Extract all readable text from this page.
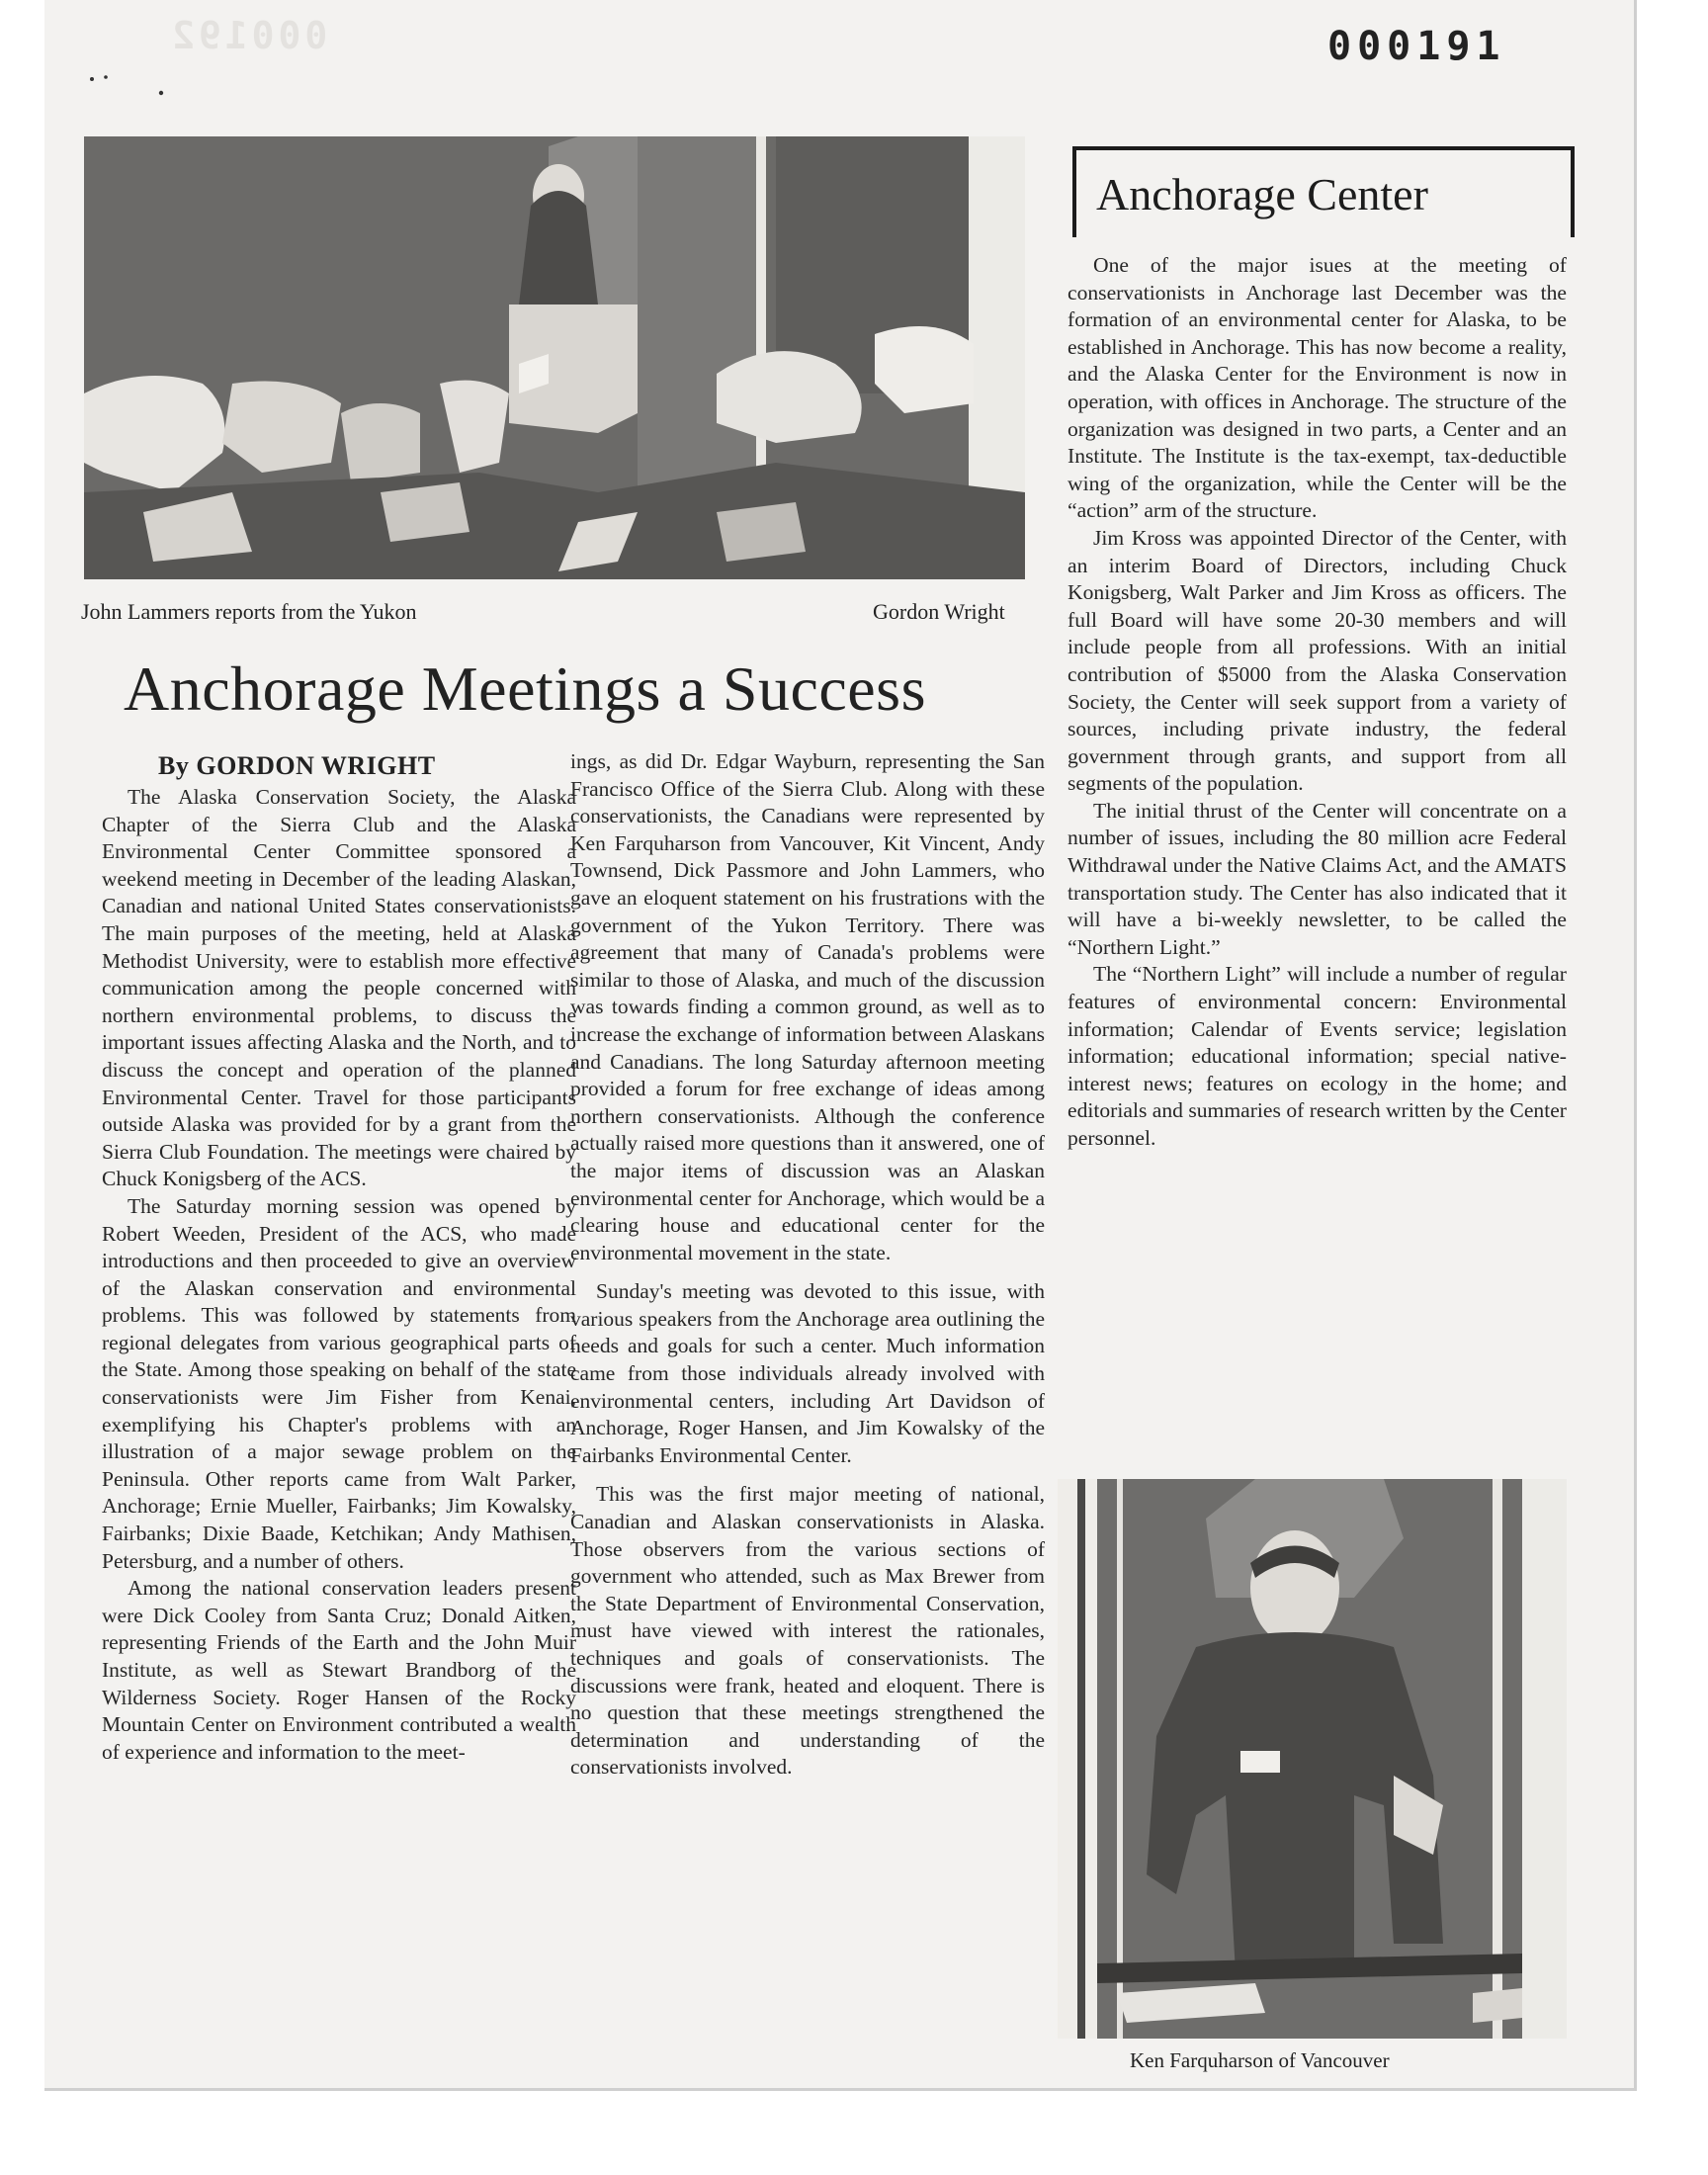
000192	000191
John Lammers reports from the Yukon	Gordon Wright
Anchorage Meetings a Success
By GORDON WRIGHT

The Alaska Conservation Society, the Alaska Chapter of the Sierra Club and the Alaska Environmental Center Committee sponsored a weekend meeting in December of the leading Alaskan, Canadian and national United States conservationists. The main purposes of the meeting, held at Alaska Methodist University, were to establish more effective communication among the people concerned with northern environmental problems, to discuss the important issues affecting Alaska and the North, and to discuss the concept and operation of the planned Environmental Center. Travel for those participants outside Alaska was provided for by a grant from the Sierra Club Foundation. The meetings were chaired by Chuck Konigsberg of the ACS.

The Saturday morning session was opened by Robert Weeden, President of the ACS, who made introductions and then proceeded to give an overview of the Alaskan conservation and environmental problems. This was followed by statements from regional delegates from various geographical parts of the State. Among those speaking on behalf of the state conservationists were Jim Fisher from Kenai, exemplifying his Chapter's problems with an illustration of a major sewage problem on the Peninsula. Other reports came from Walt Parker, Anchorage; Ernie Mueller, Fairbanks; Jim Kowalsky, Fairbanks; Dixie Baade, Ketchikan; Andy Mathisen, Petersburg, and a number of others.

Among the national conservation leaders present were Dick Cooley from Santa Cruz; Donald Aitken, representing Friends of the Earth and the John Muir Institute, as well as Stewart Brandborg of the Wilderness Society. Roger Hansen of the Rocky Mountain Center on Environment contributed a wealth of experience and information to the meet-

ings, as did Dr. Edgar Wayburn, representing the San Francisco Office of the Sierra Club. Along with these conservationists, the Canadians were represented by Ken Farquharson from Vancouver, Kit Vincent, Andy Townsend, Dick Passmore and John Lammers, who gave an eloquent statement on his frustrations with the government of the Yukon Territory. There was agreement that many of Canada's problems were similar to those of Alaska, and much of the discussion was towards finding a common ground, as well as to increase the exchange of information between Alaskans and Canadians. The long Saturday afternoon meeting provided a forum for free exchange of ideas among northern conservationists. Although the conference actually raised more questions than it answered, one of the major items of discussion was an Alaskan environmental center for Anchorage, which would be a clearing house and educational center for the environmental movement in the state.

Sunday's meeting was devoted to this issue, with various speakers from the Anchorage area outlining the needs and goals for such a center. Much information came from those individuals already involved with environmental centers, including Art Davidson of Anchorage, Roger Hansen, and Jim Kowalsky of the Fairbanks Environmental Center.

This was the first major meeting of national, Canadian and Alaskan conservationists in Alaska. Those observers from the various sections of government who attended, such as Max Brewer from the State Department of Environmental Conservation, must have viewed with interest the rationales, techniques and goals of conservationists. The discussions were frank, heated and eloquent. There is no question that these meetings strengthened the determination and understanding of the conservationists involved.

Anchorage Center

One of the major isues at the meeting of conservationists in Anchorage last December was the formation of an environmental center for Alaska, to be established in Anchorage. This has now become a reality, and the Alaska Center for the Environment is now in operation, with offices in Anchorage. The structure of the organization was designed in two parts, a Center and an Institute. The Institute is the tax-exempt, tax-deductible wing of the organization, while the Center will be the “action” arm of the structure.

Jim Kross was appointed Director of the Center, with an interim Board of Directors, including Chuck Konigsberg, Walt Parker and Jim Kross as officers. The full Board will have some 20-30 members and will include people from all professions. With an initial contribution of $5000 from the Alaska Conservation Society, the Center will seek support from a variety of sources, including private industry, the federal government through grants, and support from all segments of the population.

The initial thrust of the Center will concentrate on a number of issues, including the 80 million acre Federal Withdrawal under the Native Claims Act, and the AMATS transportation study. The Center has also indicated that it will have a bi-weekly newsletter, to be called the “Northern Light.”

The “Northern Light” will include a number of regular features of environmental concern: Environmental information; Calendar of Events service; legislation information; educational information; special native-interest news; features on ecology in the home; and editorials and summaries of research written by the Center personnel.

Ken Farquharson of Vancouver
